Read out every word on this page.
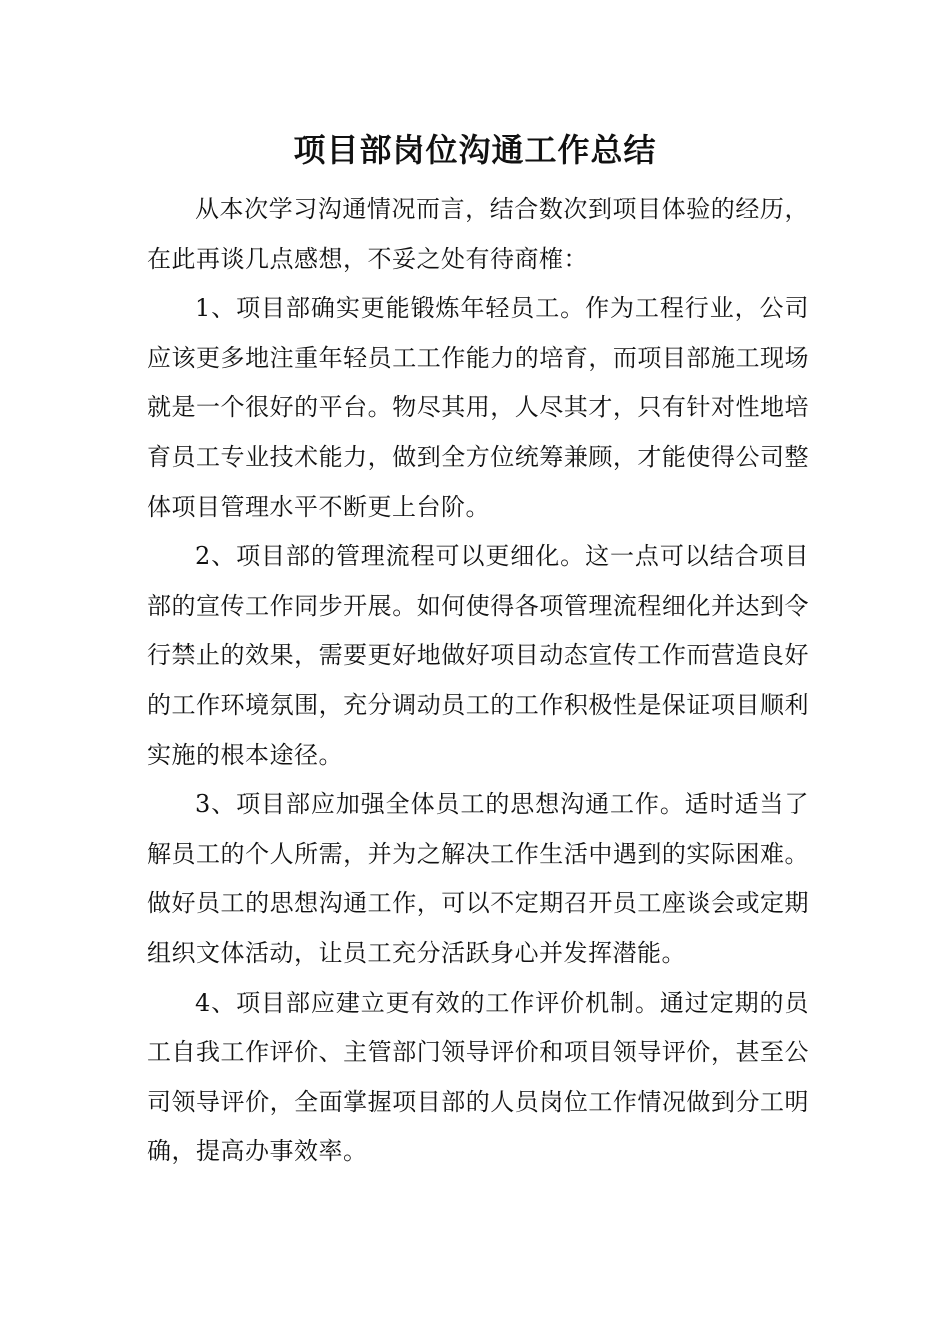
项目部岗位沟通工作总结

从本次学习沟通情况而言，结合数次到项目体验的经历，在此再谈几点感想，不妥之处有待商榷：

1、项目部确实更能锻炼年轻员工。作为工程行业，公司应该更多地注重年轻员工工作能力的培育，而项目部施工现场就是一个很好的平台。物尽其用，人尽其才，只有针对性地培育员工专业技术能力，做到全方位统筹兼顾，才能使得公司整体项目管理水平不断更上台阶。

2、项目部的管理流程可以更细化。这一点可以结合项目部的宣传工作同步开展。如何使得各项管理流程细化并达到令行禁止的效果，需要更好地做好项目动态宣传工作而营造良好的工作环境氛围，充分调动员工的工作积极性是保证项目顺利实施的根本途径。

3、项目部应加强全体员工的思想沟通工作。适时适当了解员工的个人所需，并为之解决工作生活中遇到的实际困难。做好员工的思想沟通工作，可以不定期召开员工座谈会或定期组织文体活动，让员工充分活跃身心并发挥潜能。

4、项目部应建立更有效的工作评价机制。通过定期的员工自我工作评价、主管部门领导评价和项目领导评价，甚至公司领导评价，全面掌握项目部的人员岗位工作情况做到分工明确，提高办事效率。
